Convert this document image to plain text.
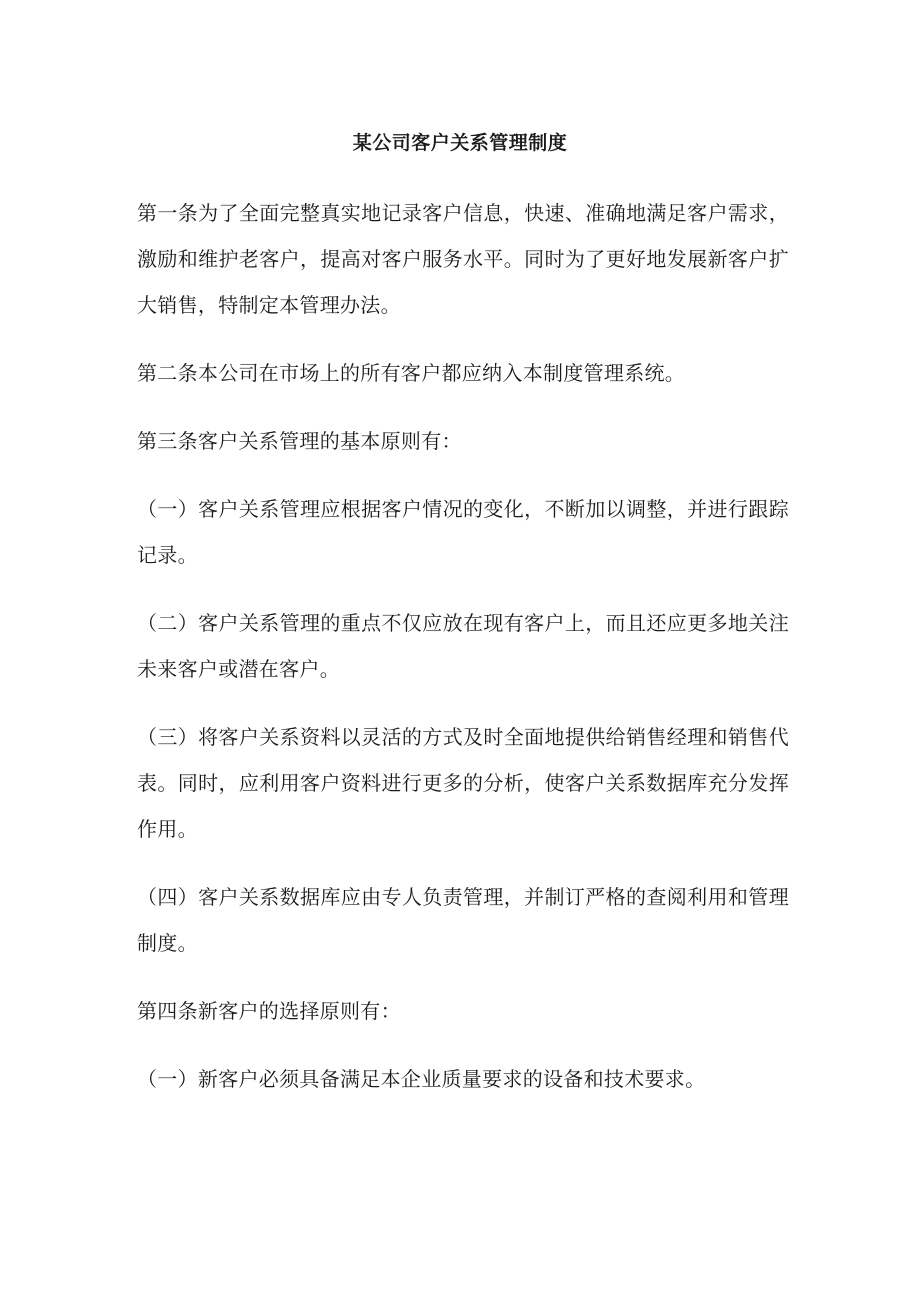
某公司客户关系管理制度

第一条为了全面完整真实地记录客户信息，快速、准确地满足客户需求，激励和维护老客户，提高对客户服务水平。同时为了更好地发展新客户扩大销售，特制定本管理办法。

第二条本公司在市场上的所有客户都应纳入本制度管理系统。

第三条客户关系管理的基本原则有：

（一）客户关系管理应根据客户情况的变化，不断加以调整，并进行跟踪记录。

（二）客户关系管理的重点不仅应放在现有客户上，而且还应更多地关注未来客户或潜在客户。

（三）将客户关系资料以灵活的方式及时全面地提供给销售经理和销售代表。同时，应利用客户资料进行更多的分析，使客户关系数据库充分发挥作用。

（四）客户关系数据库应由专人负责管理，并制订严格的查阅利用和管理制度。

第四条新客户的选择原则有：

（一）新客户必须具备满足本企业质量要求的设备和技术要求。
